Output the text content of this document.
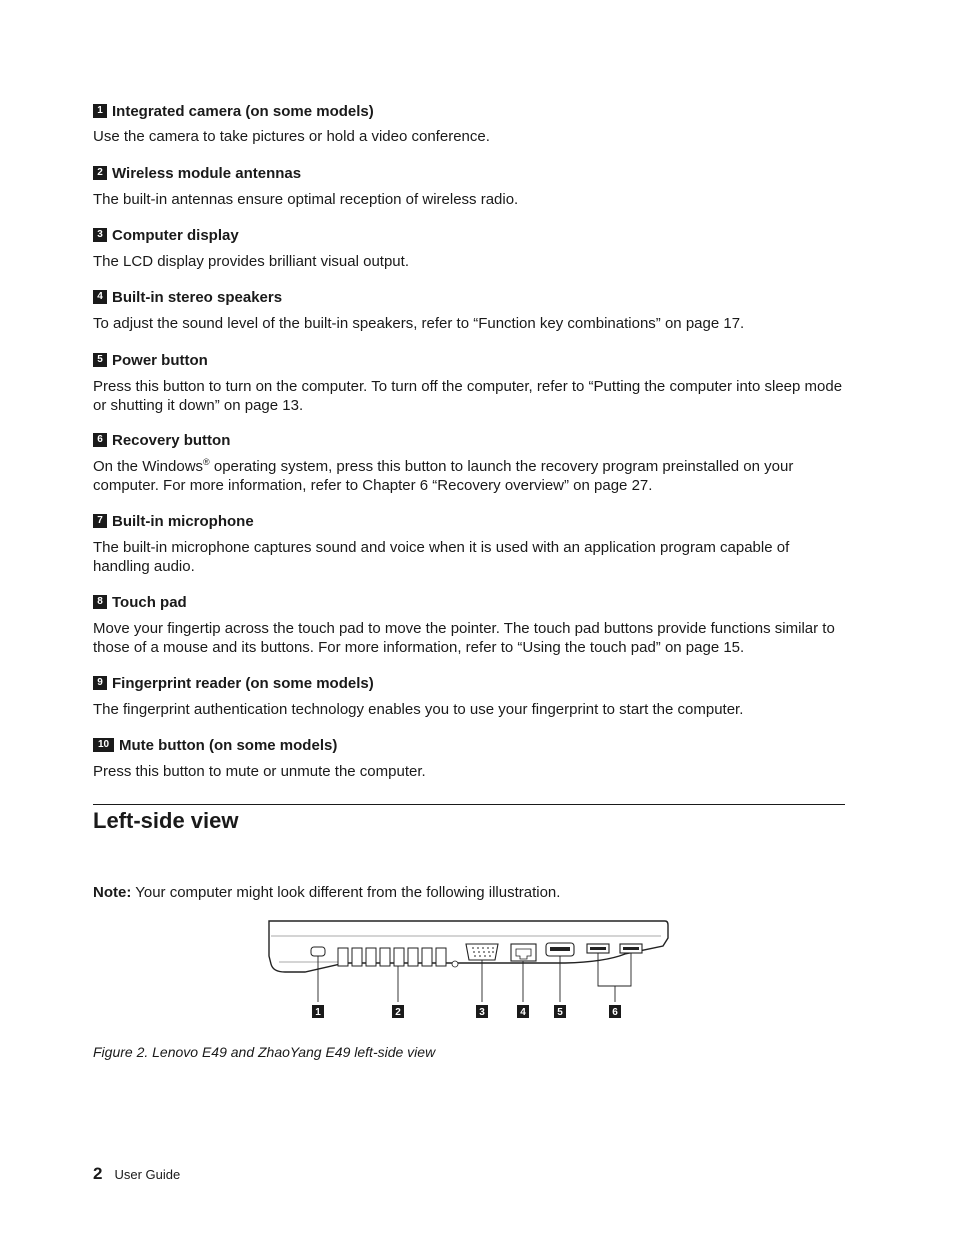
1 Integrated camera (on some models)
Use the camera to take pictures or hold a video conference.
2 Wireless module antennas
The built-in antennas ensure optimal reception of wireless radio.
3 Computer display
The LCD display provides brilliant visual output.
4 Built-in stereo speakers
To adjust the sound level of the built-in speakers, refer to “Function key combinations” on page 17.
5 Power button
Press this button to turn on the computer. To turn off the computer, refer to “Putting the computer into sleep mode or shutting it down” on page 13.
6 Recovery button
On the Windows® operating system, press this button to launch the recovery program preinstalled on your computer. For more information, refer to Chapter 6 “Recovery overview” on page 27.
7 Built-in microphone
The built-in microphone captures sound and voice when it is used with an application program capable of handling audio.
8 Touch pad
Move your fingertip across the touch pad to move the pointer. The touch pad buttons provide functions similar to those of a mouse and its buttons. For more information, refer to “Using the touch pad” on page 15.
9 Fingerprint reader (on some models)
The fingerprint authentication technology enables you to use your fingerprint to start the computer.
10 Mute button (on some models)
Press this button to mute or unmute the computer.
Left-side view
Note: Your computer might look different from the following illustration.
1	2	3	4	5	6
Figure 2. Lenovo E49 and ZhaoYang E49 left-side view
2 User Guide
